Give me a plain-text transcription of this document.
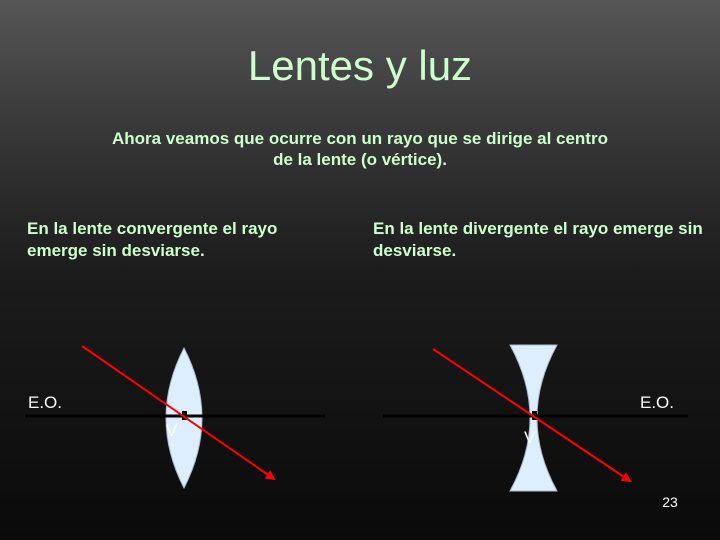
Lentes y luz
Ahora veamos que ocurre con un rayo que se dirige al centro de la lente (o vértice).
En la lente convergente el rayo emerge sin desviarse.
En la lente divergente el rayo emerge sin desviarse.
E.O.
V
E.O.
V
23
